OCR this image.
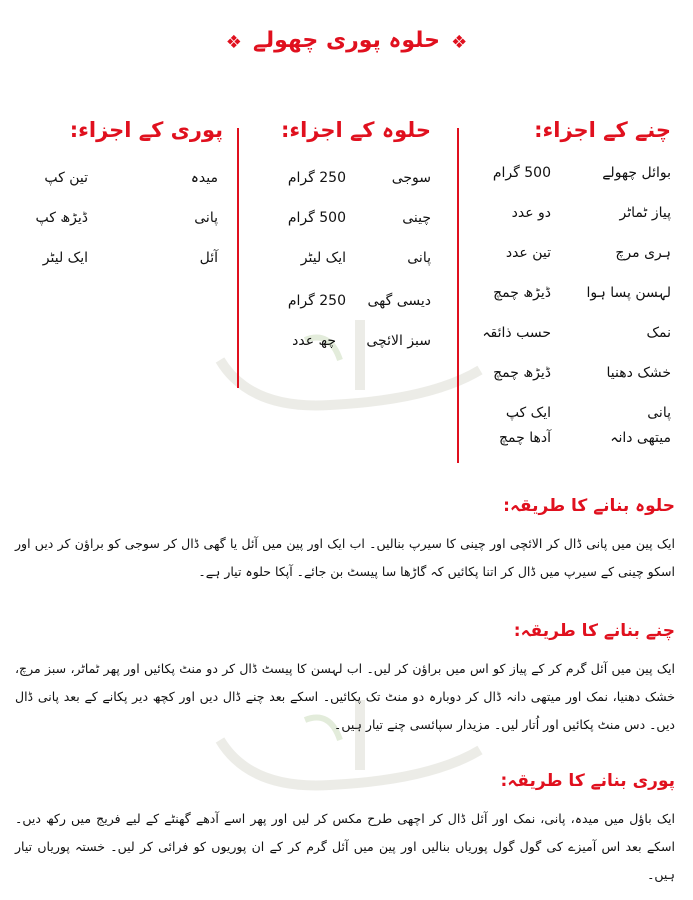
❖ حلوہ پوری چھولے ❖
چنے کے اجزاء:
حلوہ کے اجزاء:
پوری کے اجزاء:
بوائل چھولے
500 گرام
پیاز ٹماٹر
دو عدد
ہری مرچ
تین عدد
لہسن پسا ہوا
ڈیڑھ چمچ
نمک
حسب ذائقہ
خشک دھنیا
ڈیڑھ چمچ
پانی
ایک کپ
میتھی دانہ
آدھا چمچ
سوجی
250 گرام
چینی
500 گرام
پانی
ایک لیٹر
دیسی گھی
250 گرام
سبز الائچی
چھ عدد
میدہ
تین کپ
پانی
ڈیڑھ کپ
آئل
ایک لیٹر
حلوہ بنانے کا طریقہ:
ایک پین میں پانی ڈال کر الائچی اور چینی کا سیرپ بنالیں۔ اب ایک اور پین میں آئل یا گھی ڈال کر سوجی کو براؤن کر دیں اور اسکو چینی کے سیرپ میں ڈال کر اتنا پکائیں کہ گاڑھا سا پیسٹ بن جائے۔ آپکا حلوہ تیار ہے۔
چنے بنانے کا طریقہ:
ایک پین میں آئل گرم کر کے پیاز کو اس میں براؤن کر لیں۔ اب لہسن کا پیسٹ ڈال کر دو منٹ پکائیں اور پھر ٹماٹر، سبز مرچ، خشک دھنیا، نمک اور میتھی دانہ ڈال کر دوبارہ دو منٹ تک پکائیں۔ اسکے بعد چنے ڈال دیں اور کچھ دیر پکانے کے بعد پانی ڈال دیں۔ دس منٹ پکائیں اور اُتار لیں۔ مزیدار سپائسی چنے تیار ہیں۔
پوری بنانے کا طریقہ:
ایک باؤل میں میدہ، پانی، نمک اور آئل ڈال کر اچھی طرح مکس کر لیں اور پھر اسے آدھے گھنٹے کے لیے فریج میں رکھ دیں۔ اسکے بعد اس آمیزے کی گول گول پوریاں بنالیں اور پین میں آئل گرم کر کے ان پوریوں کو فرائی کر لیں۔ خستہ پوریاں تیار ہیں۔
